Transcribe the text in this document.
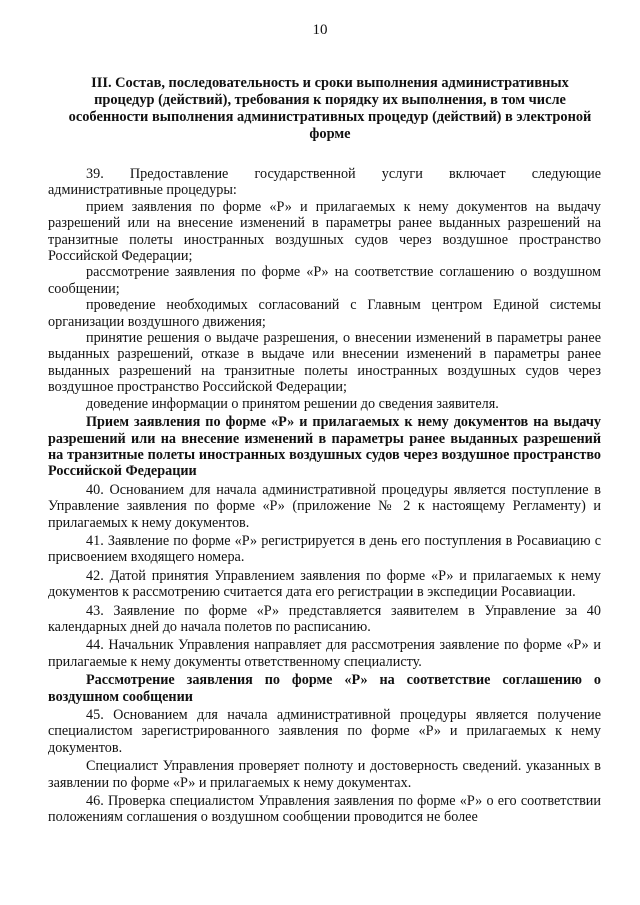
10
III. Состав, последовательность и сроки выполнения административных процедур (действий), требования к порядку их выполнения, в том числе особенности выполнения административных процедур (действий) в электроной форме

39. Предоставление государственной услуги включает следующие административные процедуры:

прием заявления по форме «Р» и прилагаемых к нему документов на выдачу разрешений или на внесение изменений в параметры ранее выданных разрешений на транзитные полеты иностранных воздушных судов через воздушное пространство Российской Федерации;

рассмотрение заявления по форме «Р» на соответствие соглашению о воздушном сообщении;

проведение необходимых согласований с Главным центром Единой системы организации воздушного движения;

принятие решения о выдаче разрешения, о внесении изменений в параметры ранее выданных разрешений, отказе в выдаче или внесении изменений в параметры ранее выданных разрешений на транзитные полеты иностранных воздушных судов через воздушное пространство Российской Федерации;

доведение информации о принятом решении до сведения заявителя.

Прием заявления по форме «Р» и прилагаемых к нему документов на выдачу разрешений или на внесение изменений в параметры ранее выданных разрешений на транзитные полеты иностранных воздушных судов через воздушное пространство Российской Федерации

40. Основанием для начала административной процедуры является поступление в Управление заявления по форме «Р» (приложение № 2 к настоящему Регламенту) и прилагаемых к нему документов.

41. Заявление по форме «Р» регистрируется в день его поступления в Росавиацию с присвоением входящего номера.

42. Датой принятия Управлением заявления по форме «Р» и прилагаемых к нему документов к рассмотрению считается дата его регистрации в экспедиции Росавиации.

43. Заявление по форме «Р» представляется заявителем в Управление за 40 календарных дней до начала полетов по расписанию.

44. Начальник Управления направляет для рассмотрения заявление по форме «Р» и прилагаемые к нему документы ответственному специалисту.

Рассмотрение заявления по форме «Р» на соответствие соглашению о воздушном сообщении

45. Основанием для начала административной процедуры является получение специалистом зарегистрированного заявления по форме «Р» и прилагаемых к нему документов.

Специалист Управления проверяет полноту и достоверность сведений. указанных в заявлении по форме «Р» и прилагаемых к нему документах.

46. Проверка специалистом Управления заявления по форме «Р» о его соответствии положениям соглашения о воздушном сообщении проводится не более
